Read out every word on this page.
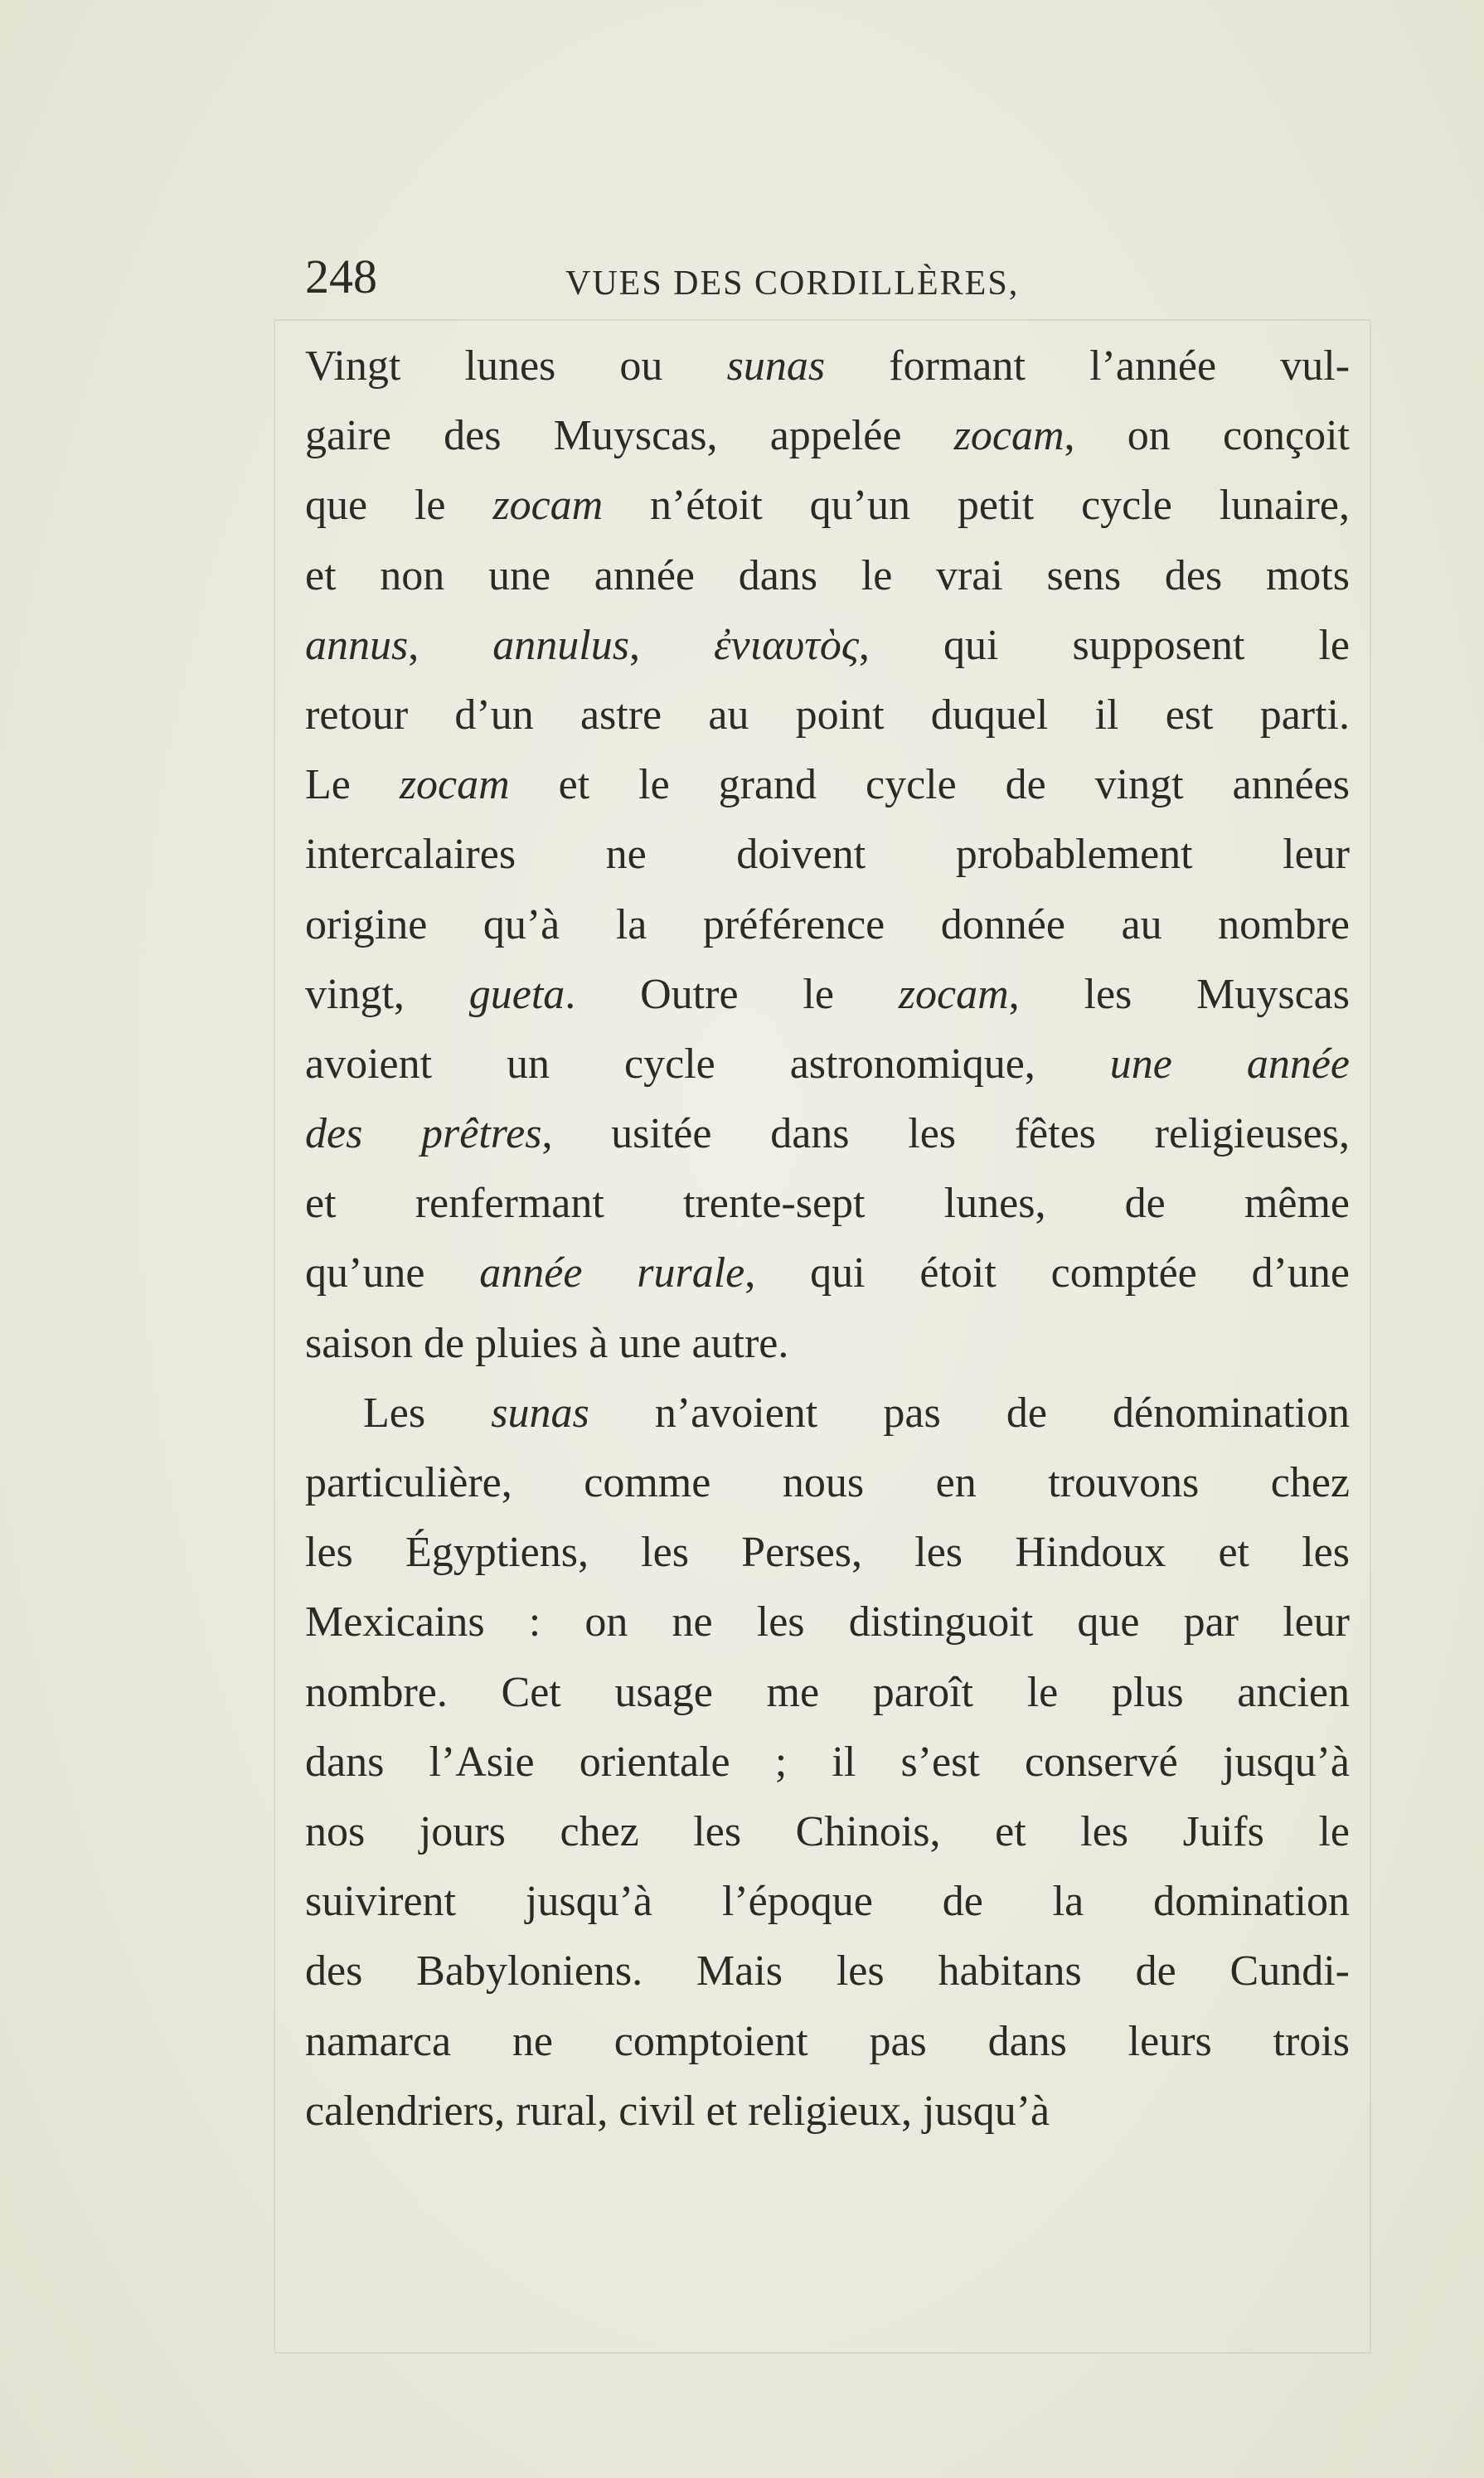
248	VUES DES CORDILLÈRES,
Vingt lunes ou sunas formant l’année vul-
gaire des Muyscas, appelée zocam, on conçoit
que le zocam n’étoit qu’un petit cycle lunaire,
et non une année dans le vrai sens des mots
annus, annulus, ἐνιαυτὸς, qui supposent le
retour d’un astre au point duquel il est parti.
Le zocam et le grand cycle de vingt années
intercalaires ne doivent probablement leur
origine qu’à la préférence donnée au nombre
vingt, gueta. Outre le zocam, les Muyscas
avoient un cycle astronomique, une année
des prêtres, usitée dans les fêtes religieuses,
et renfermant trente-sept lunes, de même
qu’une année rurale, qui étoit comptée d’une
saison de pluies à une autre.
Les sunas n’avoient pas de dénomination
particulière, comme nous en trouvons chez
les Égyptiens, les Perses, les Hindoux et les
Mexicains : on ne les distinguoit que par leur
nombre. Cet usage me paroît le plus ancien
dans l’Asie orientale ; il s’est conservé jusqu’à
nos jours chez les Chinois, et les Juifs le
suivirent jusqu’à l’époque de la domination
des Babyloniens. Mais les habitans de Cundi-
namarca ne comptoient pas dans leurs trois
calendriers, rural, civil et religieux, jusqu’à
